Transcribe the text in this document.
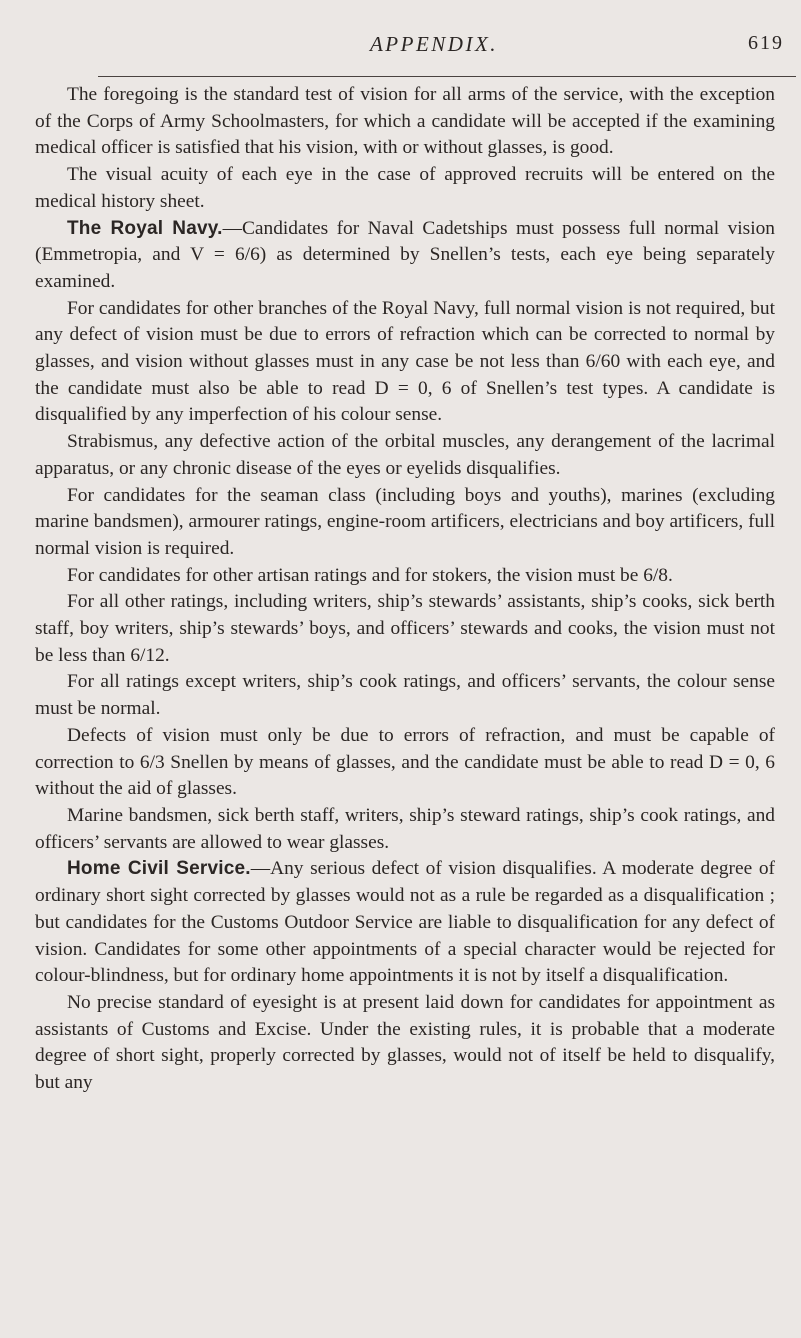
APPENDIX.	619

The foregoing is the standard test of vision for all arms of the service, with the exception of the Corps of Army Schoolmasters, for which a candidate will be accepted if the examining medical officer is satisfied that his vision, with or without glasses, is good.

The visual acuity of each eye in the case of approved recruits will be entered on the medical history sheet.

The Royal Navy.—Candidates for Naval Cadetships must possess full normal vision (Emmetropia, and V = 6/6) as determined by Snellen’s tests, each eye being separately examined.

For candidates for other branches of the Royal Navy, full normal vision is not required, but any defect of vision must be due to errors of refraction which can be corrected to normal by glasses, and vision without glasses must in any case be not less than 6/60 with each eye, and the candidate must also be able to read D = 0, 6 of Snellen’s test types. A candidate is disqualified by any imperfection of his colour sense.

Strabismus, any defective action of the orbital muscles, any derangement of the lacrimal apparatus, or any chronic disease of the eyes or eyelids disqualifies.

For candidates for the seaman class (including boys and youths), marines (excluding marine bandsmen), armourer ratings, engine-room artificers, electricians and boy artificers, full normal vision is required.

For candidates for other artisan ratings and for stokers, the vision must be 6/8.

For all other ratings, including writers, ship’s stewards’ assistants, ship’s cooks, sick berth staff, boy writers, ship’s stewards’ boys, and officers’ stewards and cooks, the vision must not be less than 6/12.

For all ratings except writers, ship’s cook ratings, and officers’ servants, the colour sense must be normal.

Defects of vision must only be due to errors of refraction, and must be capable of correction to 6/3 Snellen by means of glasses, and the candidate must be able to read D = 0, 6 without the aid of glasses.

Marine bandsmen, sick berth staff, writers, ship’s steward ratings, ship’s cook ratings, and officers’ servants are allowed to wear glasses.

Home Civil Service.—Any serious defect of vision disqualifies. A moderate degree of ordinary short sight corrected by glasses would not as a rule be regarded as a disqualification ; but candidates for the Customs Outdoor Service are liable to disqualification for any defect of vision. Candidates for some other appointments of a special character would be rejected for colour-blindness, but for ordinary home appointments it is not by itself a disqualification.

No precise standard of eyesight is at present laid down for candidates for appointment as assistants of Customs and Excise. Under the existing rules, it is probable that a moderate degree of short sight, properly corrected by glasses, would not of itself be held to disqualify, but any
